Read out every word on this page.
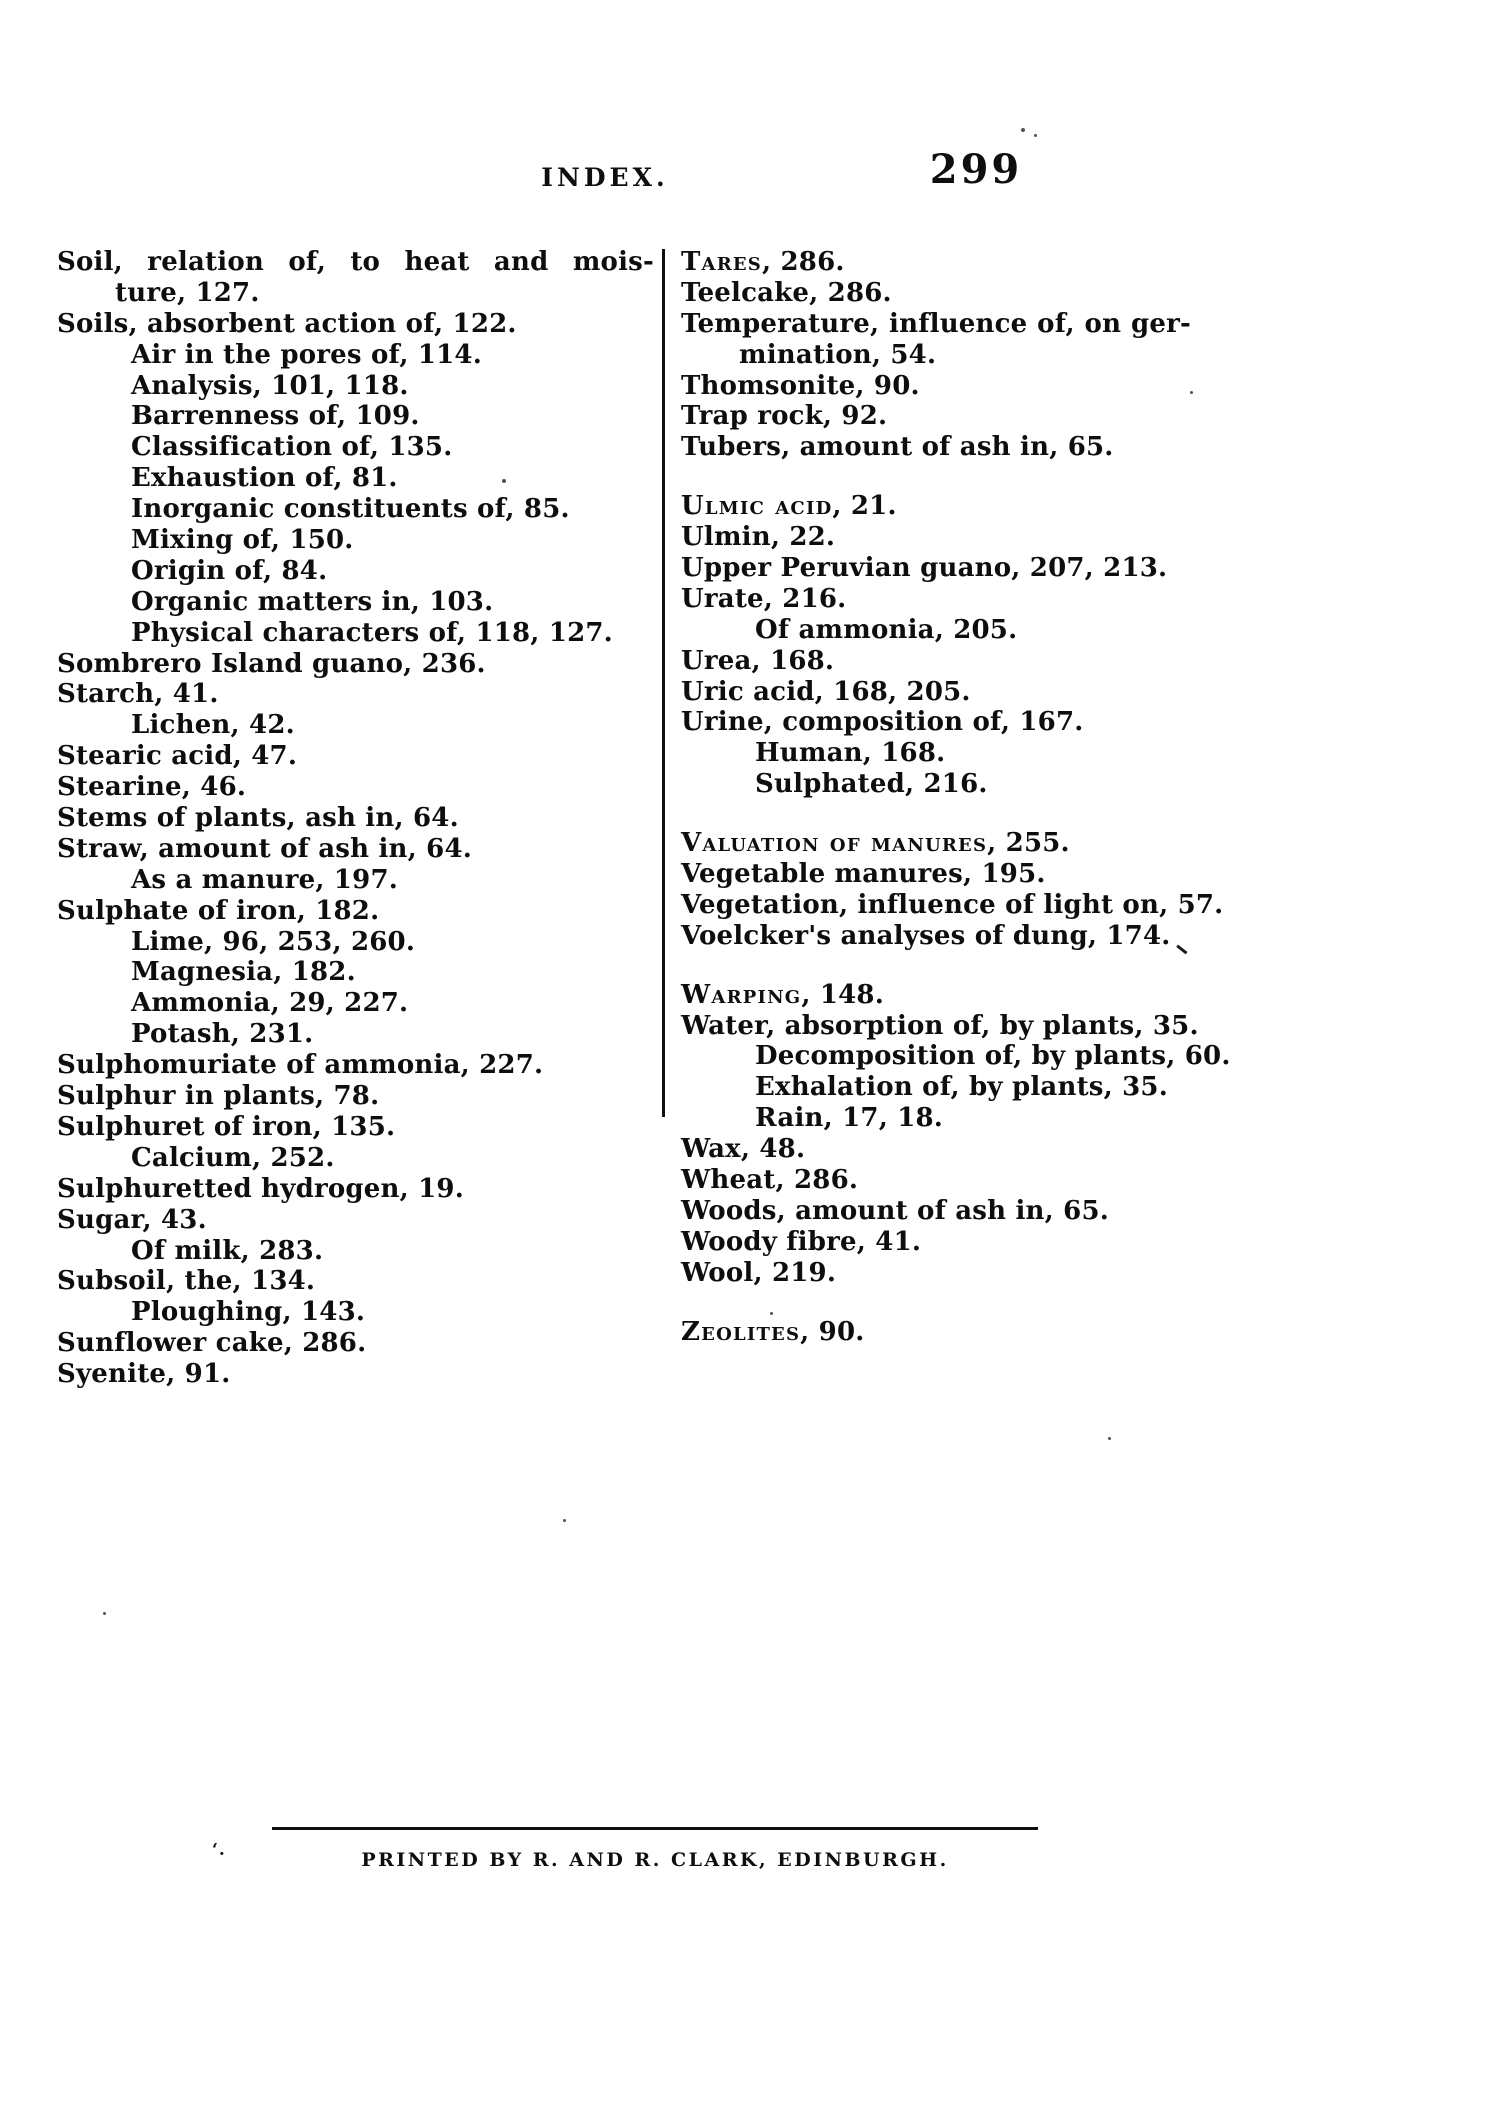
INDEX.	299
Soil, relation of, to heat and mois-
ture, 127.
Soils, absorbent action of, 122.
Air in the pores of, 114.
Analysis, 101, 118.
Barrenness of, 109.
Classification of, 135.
Exhaustion of, 81.
Inorganic constituents of, 85.
Mixing of, 150.
Origin of, 84.
Organic matters in, 103.
Physical characters of, 118, 127.
Sombrero Island guano, 236.
Starch, 41.
Lichen, 42.
Stearic acid, 47.
Stearine, 46.
Stems of plants, ash in, 64.
Straw, amount of ash in, 64.
As a manure, 197.
Sulphate of iron, 182.
Lime, 96, 253, 260.
Magnesia, 182.
Ammonia, 29, 227.
Potash, 231.
Sulphomuriate of ammonia, 227.
Sulphur in plants, 78.
Sulphuret of iron, 135.
Calcium, 252.
Sulphuretted hydrogen, 19.
Sugar, 43.
Of milk, 283.
Subsoil, the, 134.
Ploughing, 143.
Sunflower cake, 286.
Syenite, 91.
Tares, 286.
Teelcake, 286.
Temperature, influence of, on ger-
mination, 54.
Thomsonite, 90.
Trap rock, 92.
Tubers, amount of ash in, 65.
Ulmic acid, 21.
Ulmin, 22.
Upper Peruvian guano, 207, 213.
Urate, 216.
Of ammonia, 205.
Urea, 168.
Uric acid, 168, 205.
Urine, composition of, 167.
Human, 168.
Sulphated, 216.
Valuation of manures, 255.
Vegetable manures, 195.
Vegetation, influence of light on, 57.
Voelcker's analyses of dung, 174.
Warping, 148.
Water, absorption of, by plants, 35.
Decomposition of, by plants, 60.
Exhalation of, by plants, 35.
Rain, 17, 18.
Wax, 48.
Wheat, 286.
Woods, amount of ash in, 65.
Woody fibre, 41.
Wool, 219.
Zeolites, 90.
PRINTED BY R. AND R. CLARK, EDINBURGH.
ʻ.
